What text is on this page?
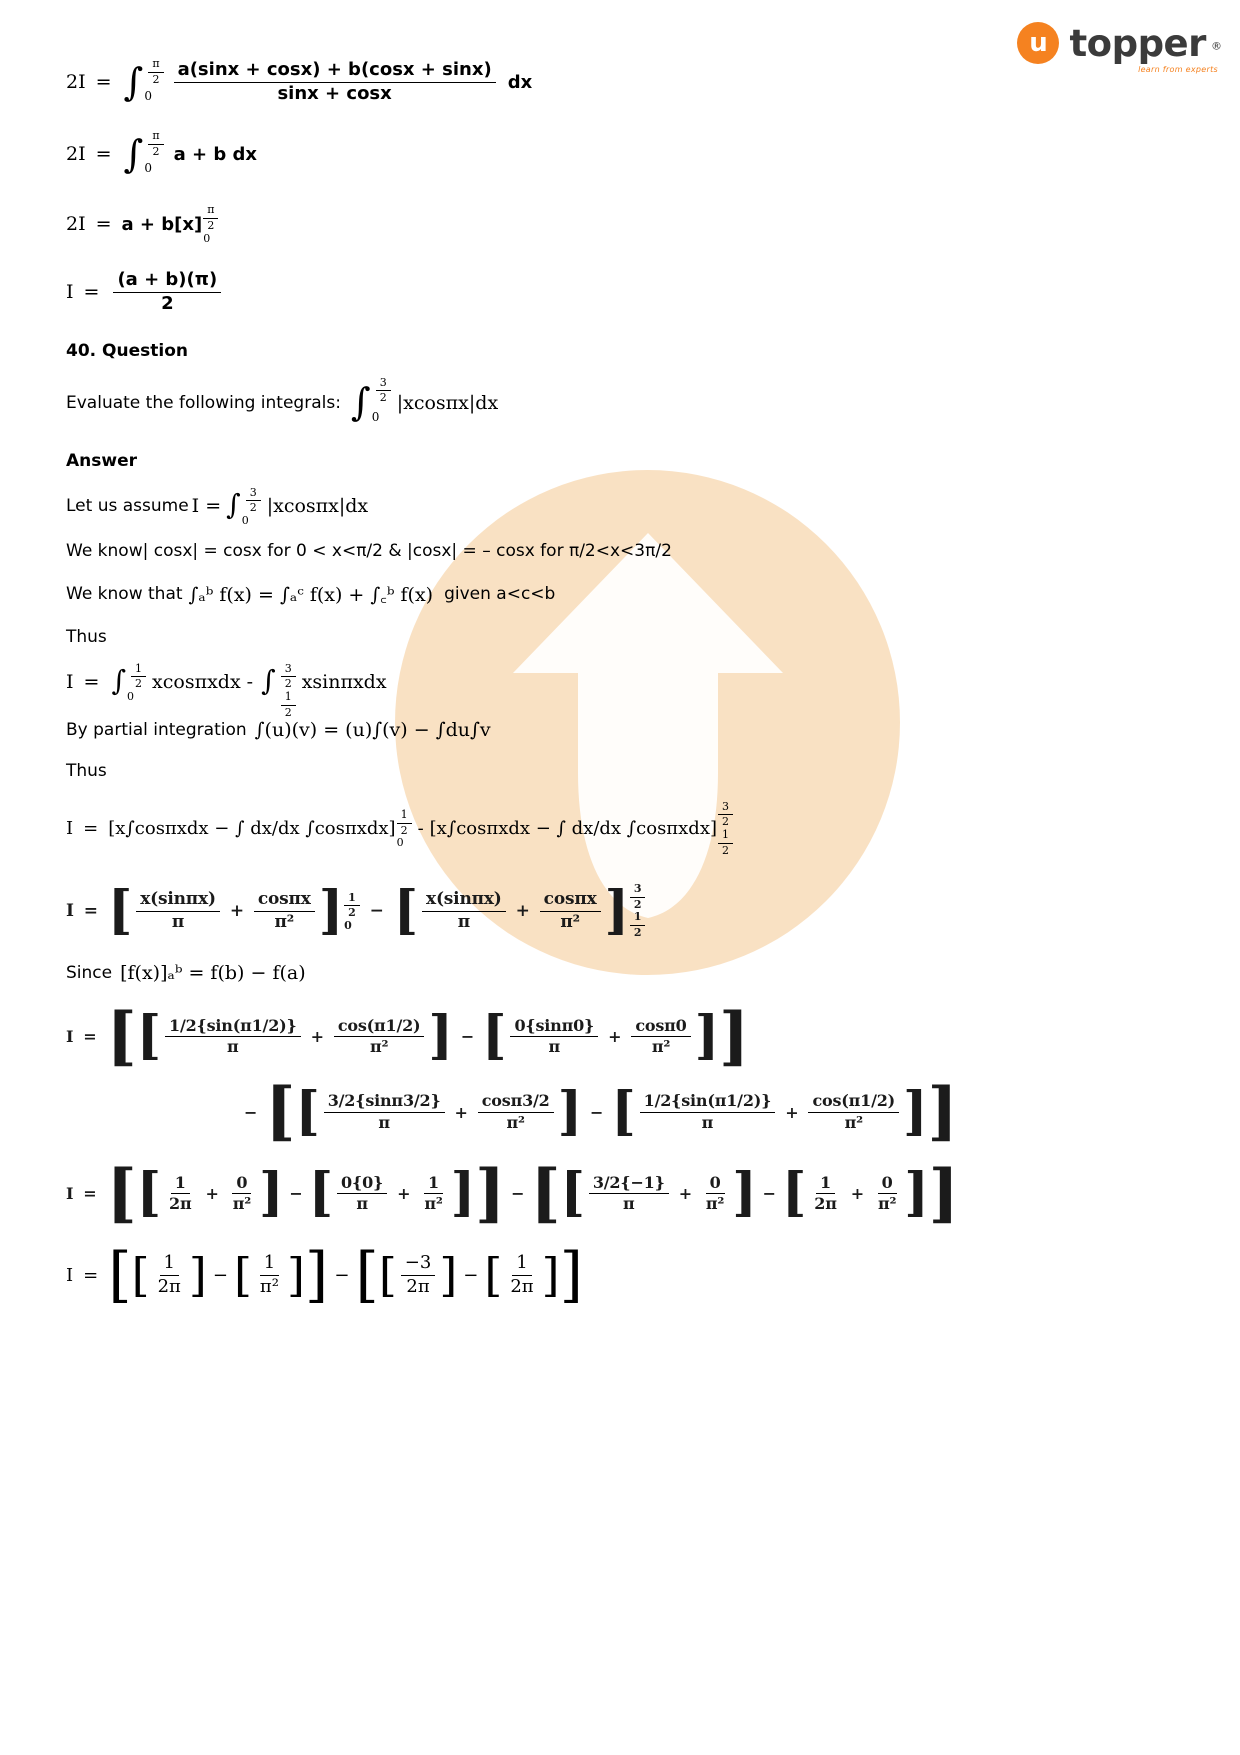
u topper ®
learn from experts
2I = ∫ $\frac{\pi}{2}$
0	$\frac{a(\sin x + \cos x) + b(\cos x + \sin x)}{\sin x + \cos x}$ dx
2I = ∫ $\frac{\pi}{2}$
0
a + b dx
$2I = a + b[x] \frac{\pi}{2}$
0
$I = \frac{(a + b)(\pi)}{2}$
40. Question
Evaluate the following integrals: ∫ $\frac{3}{2}$
0
|xcosπx|dx
Answer
Let us assume I = ∫ $\frac{3}{2}$
0
|xcosπx|dx
We know| cosx| = cosx for 0 < x<π/2 & |cosx| = – cosx for π/2<x<3π/2
We know that ∫ₐᵇ f(x) = ∫ₐᶜ f(x) + ∫꜀ᵇ f(x) given a<c<b
Thus
I = ∫ $\frac{1}{2}$
0
xcosπxdx - ∫ $\frac{3}{2}$
$\frac{1}{2}$
xsinπxdx
By partial integration ∫(u)(v) = (u)∫(v) − ∫du∫v
Thus
I = [x∫cosπxdx − ∫ dx/dx $\int\cos\pi xdx] \frac{1}{2}$
0
- [x∫cosπxdx − ∫ dx/dx $\int\cos\pi xdx] \frac{3}{2}$
$\frac{1}{2}$
I = [ $\frac{x(\sin\pi x)}{\pi} + \frac{\cos\pi x}{\text{π²}}$ ] $\frac{1}{2}$
0
− [ $\frac{x(\sin\pi x)}{\pi} + \frac{\cos\pi x}{\text{π²}}$ ] $\frac{3}{2}$
$\frac{1}{2}$
Since [f(x)]ₐᵇ = f(b) − f(a)
I = [ [ $\frac{1/2\{\sin(\pi 1/2)\}}{\pi} + \frac{\cos(\pi 1/2)}{\text{π²}}$ ] − [ $\frac{0\{\sin\pi 0\}}{\pi} + \frac{\cos\pi 0}{\text{π²}}$ ] ]
− [ [ $\frac{3/2\{\sin\pi 3/2\}}{\pi} + \frac{\cos\pi 3/2}{\text{π²}}$ ] − [ $\frac{1/2\{\sin(\pi 1/2)\}}{\pi} + \frac{\cos(\pi 1/2)}{\text{π²}}$ ] ]
I = [ [ $\frac{1}{2\pi} + \frac{0}{\text{π²}}$ ] − [ $\frac{0\{0\}}{\pi} + \frac{1}{\text{π²}}$ ] ] − [ [ $\frac{3/2\{-1\}}{\pi} + \frac{0}{\text{π²}}$ ] − [ $\frac{1}{2\pi} + \frac{0}{\text{π²}}$ ] ]
I = [ [ $\frac{1}{2\pi}$ ] − [ $\frac{1}{\text{π²}}$ ] ] − [ [ $\frac{-3}{2\pi}$ ] − [ $\frac{1}{2\pi}$ ] ]
